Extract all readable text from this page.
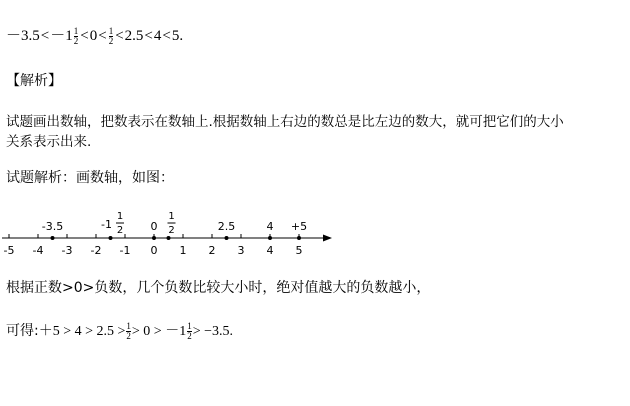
$-3.5<-1 \frac{1}{2} <0< \frac{1}{2} <2.5<4<5$.
【解析】
试题画出数轴，把数表示在数轴上.根据数轴上右边的数总是比左边的数大，就可把它们的大小
关系表示出来.
试题解析：画数轴，如图：
-5 -4 -3 -2 -1 0 1 2 3 4 5
-3.5	-1
1
2 0
1
2	2.5	4 +5
根据正数>0>负数，几个负数比较大小时，绝对值越大的负数越小，
可得:＋5 > $4 > 2.5 > \frac{1}{2} > 0 > -1 \frac{1}{2} > -3.5$.
